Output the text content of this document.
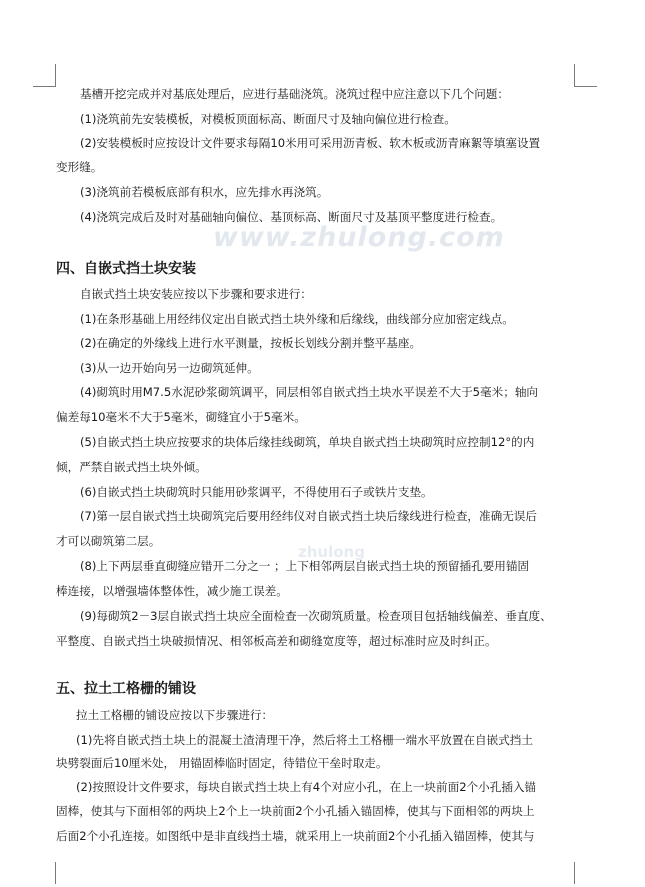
www.zhulong.com
zhulong
基槽开挖完成并对基底处理后，应进行基础浇筑。浇筑过程中应注意以下几个问题：
(1)浇筑前先安装模板，对模板顶面标高、断面尺寸及轴向偏位进行检查。
(2)安装模板时应按设计文件要求每隔10米用可采用沥青板、软木板或沥青麻絮等填塞设置
变形缝。
(3)浇筑前若模板底部有积水，应先排水再浇筑。
(4)浇筑完成后及时对基础轴向偏位、基顶标高、断面尺寸及基顶平整度进行检查。
四、自嵌式挡土块安装
自嵌式挡土块安装应按以下步骤和要求进行：
(1)在条形基础上用经纬仪定出自嵌式挡土块外缘和后缘线，曲线部分应加密定线点。
(2)在确定的外缘线上进行水平测量，按板长划线分割并整平基座。
(3)从一边开始向另一边砌筑延伸。
(4)砌筑时用M7.5水泥砂浆砌筑调平，同层相邻自嵌式挡土块水平误差不大于5毫米；轴向
偏差每10毫米不大于5毫米，砌缝宜小于5毫米。
(5)自嵌式挡土块应按要求的块体后缘挂线砌筑，单块自嵌式挡土块砌筑时应控制12°的内
倾，严禁自嵌式挡土块外倾。
(6)自嵌式挡土块砌筑时只能用砂浆调平，不得使用石子或铁片支垫。
(7)第一层自嵌式挡土块砌筑完后要用经纬仪对自嵌式挡土块后缘线进行检查，准确无误后
才可以砌筑第二层。
(8)上下两层垂直砌缝应错开二分之一 ；上下相邻两层自嵌式挡土块的预留插孔要用锚固
棒连接，以增强墙体整体性，减少施工误差。
(9)每砌筑2－3层自嵌式挡土块应全面检查一次砌筑质量。检查项目包括轴线偏差、垂直度、
平整度、自嵌式挡土块破损情况、相邻板高差和砌缝宽度等，超过标准时应及时纠正。
五、拉土工格栅的铺设
拉土工格栅的铺设应按以下步骤进行：
(1)先将自嵌式挡土块上的混凝土渣清理干净，然后将土工格栅一端水平放置在自嵌式挡土
块劈裂面后10厘米处， 用锚固棒临时固定，待错位干垒时取走。
(2)按照设计文件要求，每块自嵌式挡土块上有4个对应小孔，在上一块前面2个小孔插入锚
固棒，使其与下面相邻的两块上2个上一块前面2个小孔插入锚固棒，使其与下面相邻的两块上
后面2个小孔连接。如图纸中是非直线挡土墙，就采用上一块前面2个小孔插入锚固棒，使其与
